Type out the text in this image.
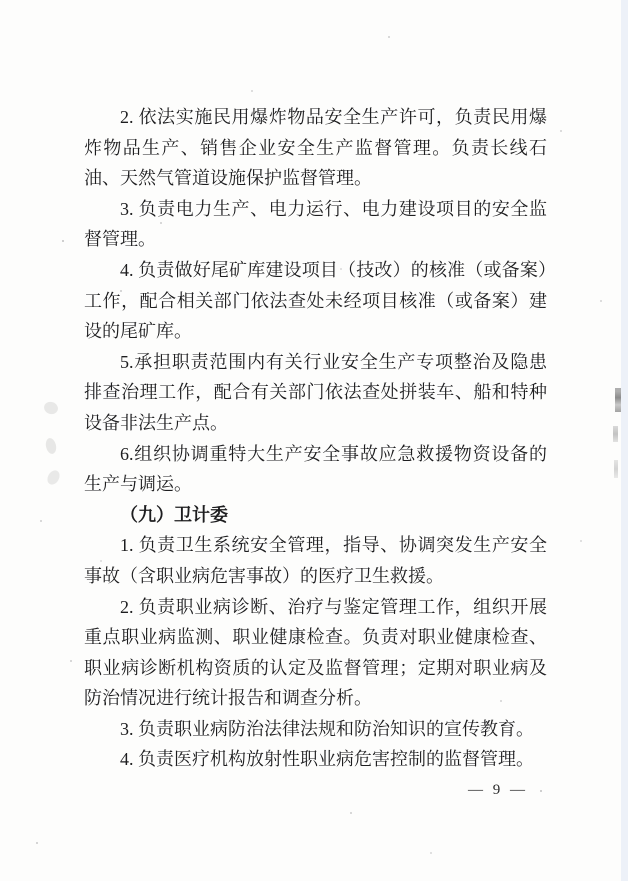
2. 依法实施民用爆炸物品安全生产许可，负责民用爆炸物品生产、销售企业安全生产监督管理。负责长线石油、天然气管道设施保护监督管理。

3. 负责电力生产、电力运行、电力建设项目的安全监督管理。

4. 负责做好尾矿库建设项目（技改）的核准（或备案）工作，配合相关部门依法查处未经项目核准（或备案）建设的尾矿库。

5.承担职责范围内有关行业安全生产专项整治及隐患排查治理工作，配合有关部门依法查处拼装车、船和特种设备非法生产点。

6.组织协调重特大生产安全事故应急救援物资设备的生产与调运。

（九）卫计委

1. 负责卫生系统安全管理，指导、协调突发生产安全事故（含职业病危害事故）的医疗卫生救援。

2. 负责职业病诊断、治疗与鉴定管理工作，组织开展重点职业病监测、职业健康检查。负责对职业健康检查、职业病诊断机构资质的认定及监督管理；定期对职业病及防治情况进行统计报告和调查分析。

3. 负责职业病防治法律法规和防治知识的宣传教育。

4. 负责医疗机构放射性职业病危害控制的监督管理。

— 9 —
